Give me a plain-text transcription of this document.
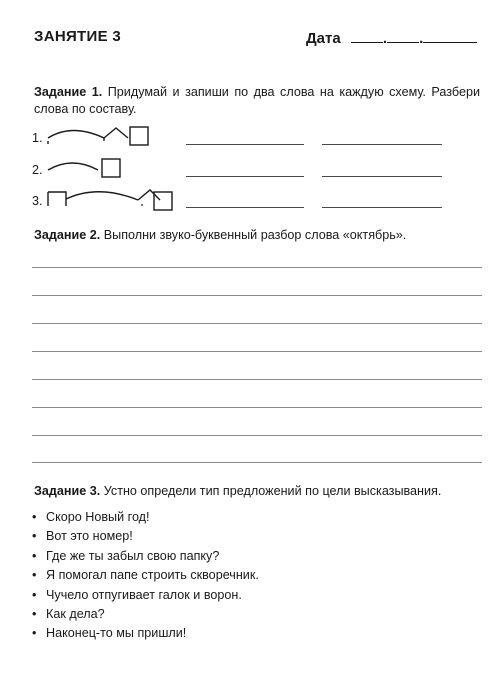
ЗАНЯТИЕ 3	Дата	. .
Задание 1. Придумай и запиши по два слова на каждую схему. Разбери слова по составу.
1.
2.
3.
Задание 2. Выполни звуко-буквенный разбор слова «октябрь».
Задание 3. Устно определи тип предложений по цели высказывания.
• Скоро Новый год!
• Вот это номер!
• Где же ты забыл свою папку?
• Я помогал папе строить скворечник.
• Чучело отпугивает галок и ворон.
• Как дела?
• Наконец-то мы пришли!
